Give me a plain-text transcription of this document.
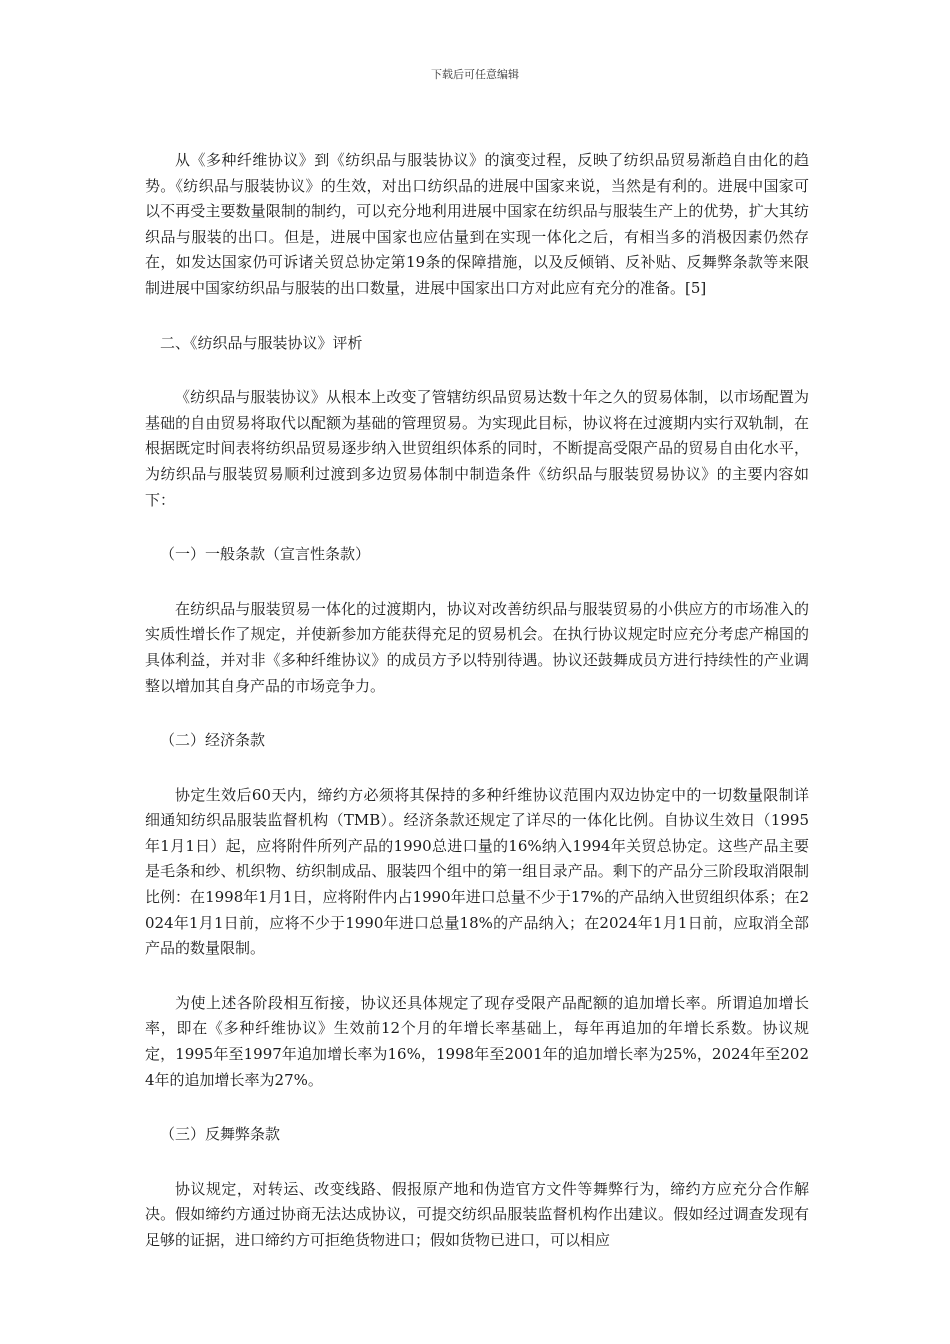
下载后可任意编辑

从《多种纤维协议》到《纺织品与服装协议》的演变过程，反映了纺织品贸易渐趋自由化的趋势。《纺织品与服装协议》的生效，对出口纺织品的进展中国家来说，当然是有利的。进展中国家可以不再受主要数量限制的制约，可以充分地利用进展中国家在纺织品与服装生产上的优势，扩大其纺织品与服装的出口。但是，进展中国家也应估量到在实现一体化之后，有相当多的消极因素仍然存在，如发达国家仍可诉诸关贸总协定第19条的保障措施，以及反倾销、反补贴、反舞弊条款等来限制进展中国家纺织品与服装的出口数量，进展中国家出口方对此应有充分的准备。[5]

二、《纺织品与服装协议》评析

《纺织品与服装协议》从根本上改变了管辖纺织品贸易达数十年之久的贸易体制，以市场配置为基础的自由贸易将取代以配额为基础的管理贸易。为实现此目标，协议将在过渡期内实行双轨制，在根据既定时间表将纺织品贸易逐步纳入世贸组织体系的同时，不断提高受限产品的贸易自由化水平，为纺织品与服装贸易顺利过渡到多边贸易体制中制造条件《纺织品与服装贸易协议》的主要内容如下：

（一）一般条款（宣言性条款）

在纺织品与服装贸易一体化的过渡期内，协议对改善纺织品与服装贸易的小供应方的市场准入的实质性增长作了规定，并使新参加方能获得充足的贸易机会。在执行协议规定时应充分考虑产棉国的具体利益，并对非《多种纤维协议》的成员方予以特别待遇。协议还鼓舞成员方进行持续性的产业调整以增加其自身产品的市场竞争力。

（二）经济条款

协定生效后60天内，缔约方必须将其保持的多种纤维协议范围内双边协定中的一切数量限制详细通知纺织品服装监督机构（TMB）。经济条款还规定了详尽的一体化比例。自协议生效日（1995年1月1日）起，应将附件所列产品的1990总进口量的16%纳入1994年关贸总协定。这些产品主要是毛条和纱、机织物、纺织制成品、服装四个组中的第一组目录产品。剩下的产品分三阶段取消限制比例：在1998年1月1日，应将附件内占1990年进口总量不少于17%的产品纳入世贸组织体系；在2024年1月1日前，应将不少于1990年进口总量18%的产品纳入；在2024年1月1日前，应取消全部产品的数量限制。

为使上述各阶段相互衔接，协议还具体规定了现存受限产品配额的追加增长率。所谓追加增长率，即在《多种纤维协议》生效前12个月的年增长率基础上，每年再追加的年增长系数。协议规定，1995年至1997年追加增长率为16%，1998年至2001年的追加增长率为25%，2024年至2024年的追加增长率为27%。

（三）反舞弊条款

协议规定，对转运、改变线路、假报原产地和伪造官方文件等舞弊行为，缔约方应充分合作解决。假如缔约方通过协商无法达成协议，可提交纺织品服装监督机构作出建议。假如经过调查发现有足够的证据，进口缔约方可拒绝货物进口；假如货物已进口，可以相应
